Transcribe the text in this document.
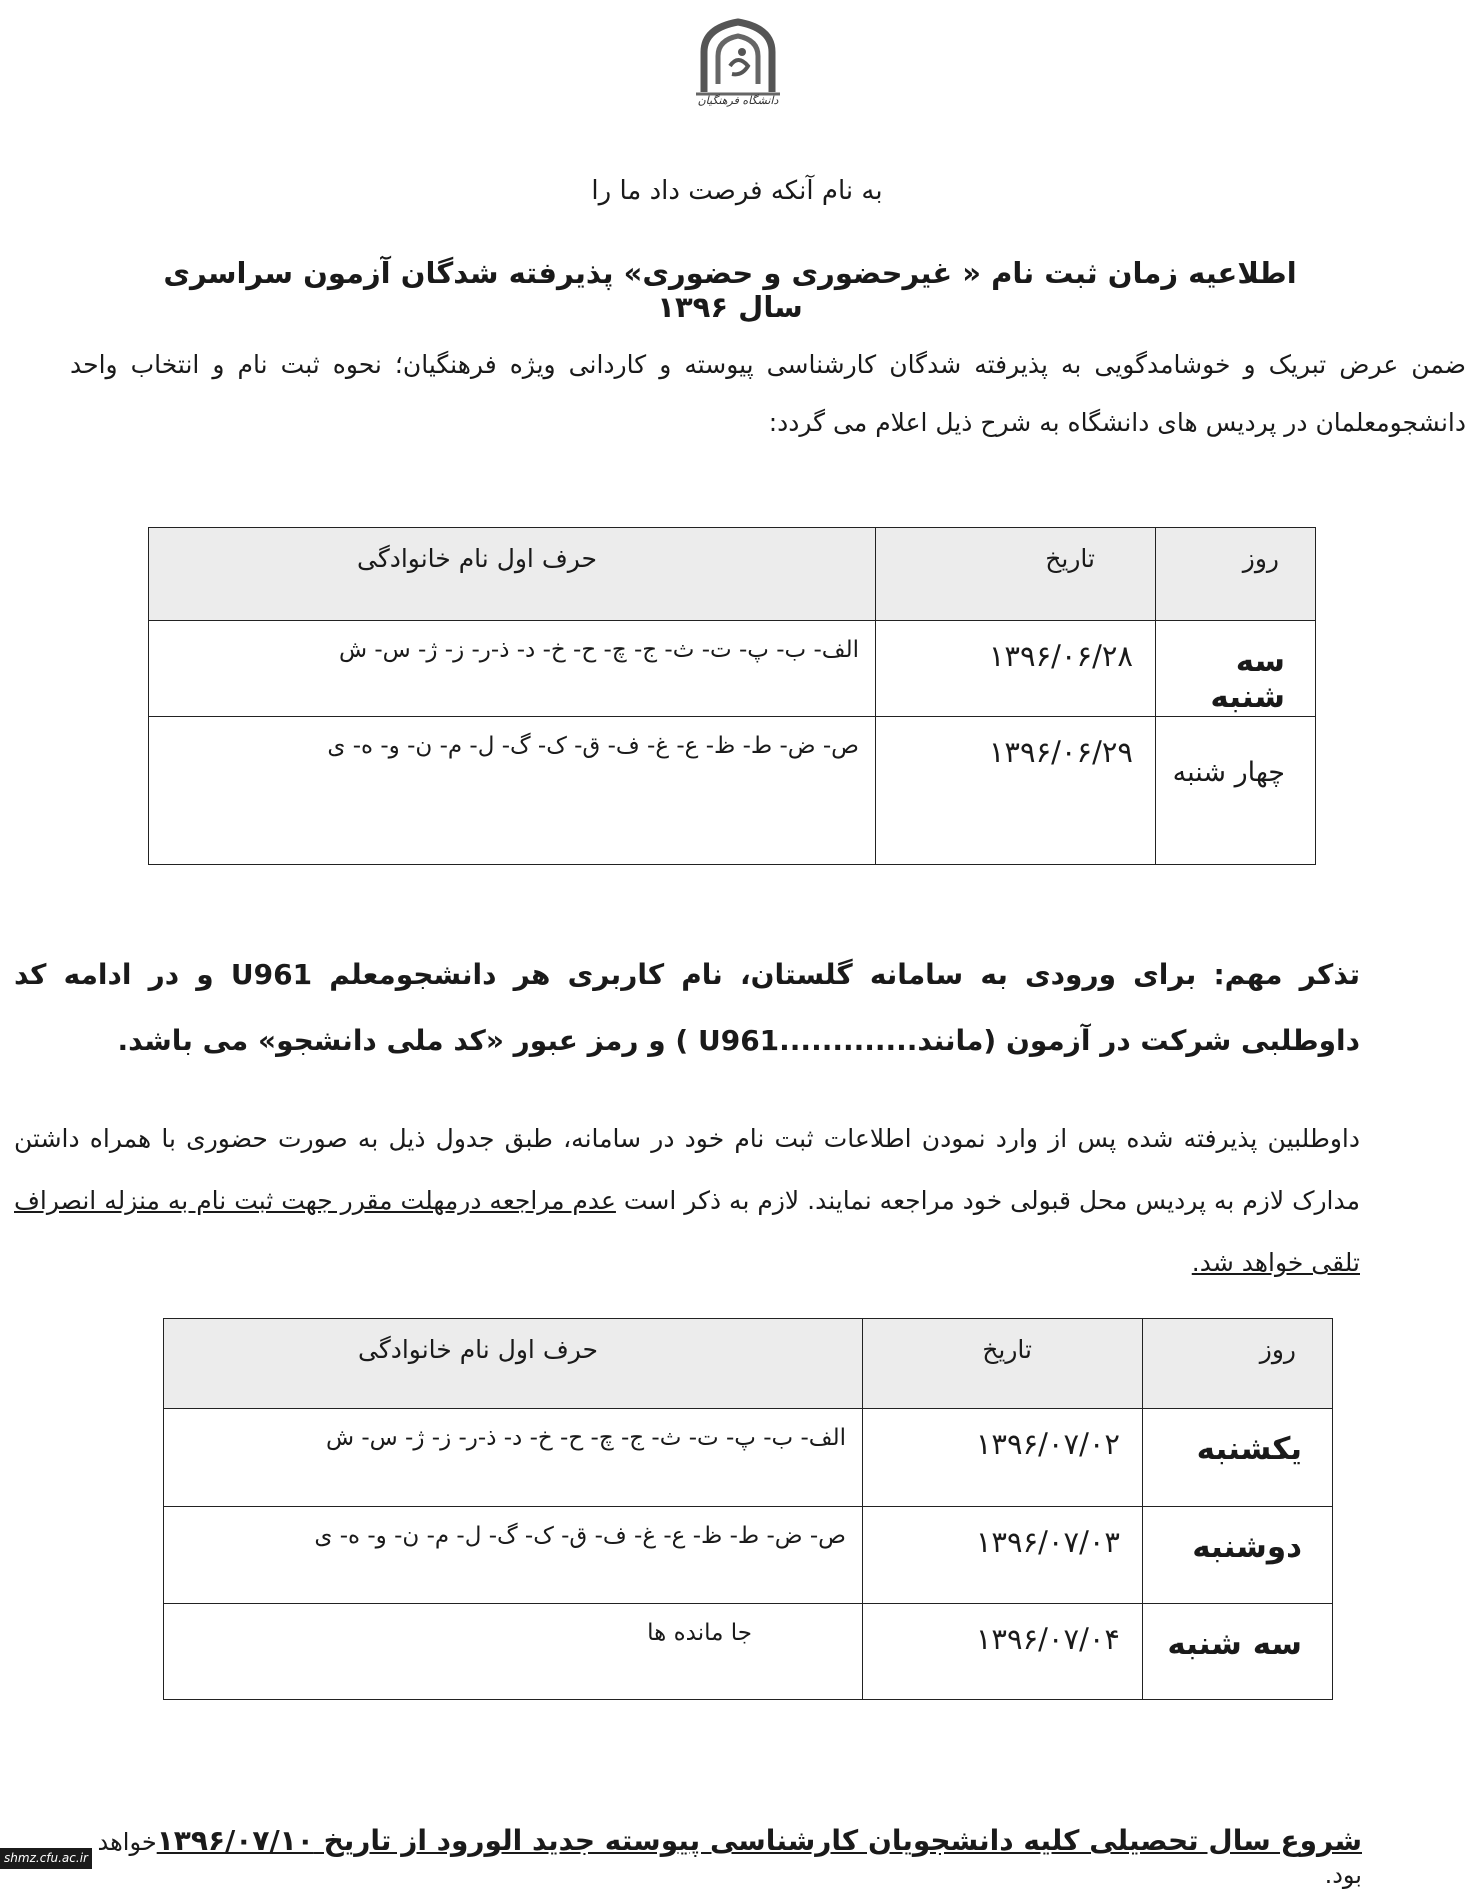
دانشگاه فرهنگیان
به نام آنکه فرصت داد ما را
اطلاعیه زمان ثبت نام « غیرحضوری و حضوری» پذیرفته شدگان آزمون سراسری سال ۱۳۹۶
ضمن عرض تبریک و خوشامدگویی به پذیرفته شدگان کارشناسی پیوسته و کاردانی ویژه فرهنگیان؛ نحوه ثبت نام و انتخاب واحد دانشجومعلمان در پردیس های دانشگاه به شرح ذیل اعلام می گردد:
روز	تاریخ	حرف اول نام خانوادگی
سه شنبه	۱۳۹۶/۰۶/۲۸	الف- ب- پ- ت- ث- ج- چ- ح- خ- د- ذ-ر- ز- ژ- س- ش
چهار شنبه	۱۳۹۶/۰۶/۲۹	ص- ض- ط- ظ- ع- غ- ف- ق- ک- گ- ل- م- ن- و- ه- ی
تذکر مهم: برای ورودی به سامانه گلستان، نام کاربری هر دانشجومعلم U961 و در ادامه کد داوطلبی شرکت در آزمون (مانند.............U961 ) و رمز عبور «کد ملی دانشجو» می باشد.
داوطلبین پذیرفته شده پس از وارد نمودن اطلاعات ثبت نام خود در سامانه، طبق جدول ذیل به صورت حضوری با همراه داشتن مدارک لازم به پردیس محل قبولی خود مراجعه نمایند. لازم به ذکر است عدم مراجعه درمهلت مقرر جهت ثبت نام به منزله انصراف تلقی خواهد شد.
روز	تاریخ	حرف اول نام خانوادگی
یکشنبه	۱۳۹۶/۰۷/۰۲	الف- ب- پ- ت- ث- ج- چ- ح- خ- د- ذ-ر- ز- ژ- س- ش
دوشنبه	۱۳۹۶/۰۷/۰۳	ص- ض- ط- ظ- ع- غ- ف- ق- ک- گ- ل- م- ن- و- ه- ی
سه شنبه	۱۳۹۶/۰۷/۰۴	جا مانده ها
شروع سال تحصیلی کلیه دانشجویان کارشناسی پیوسته جدید الورود از تاریخ ۱۳۹۶/۰۷/۱۰خواهد بود.
shmz.cfu.ac.ir
